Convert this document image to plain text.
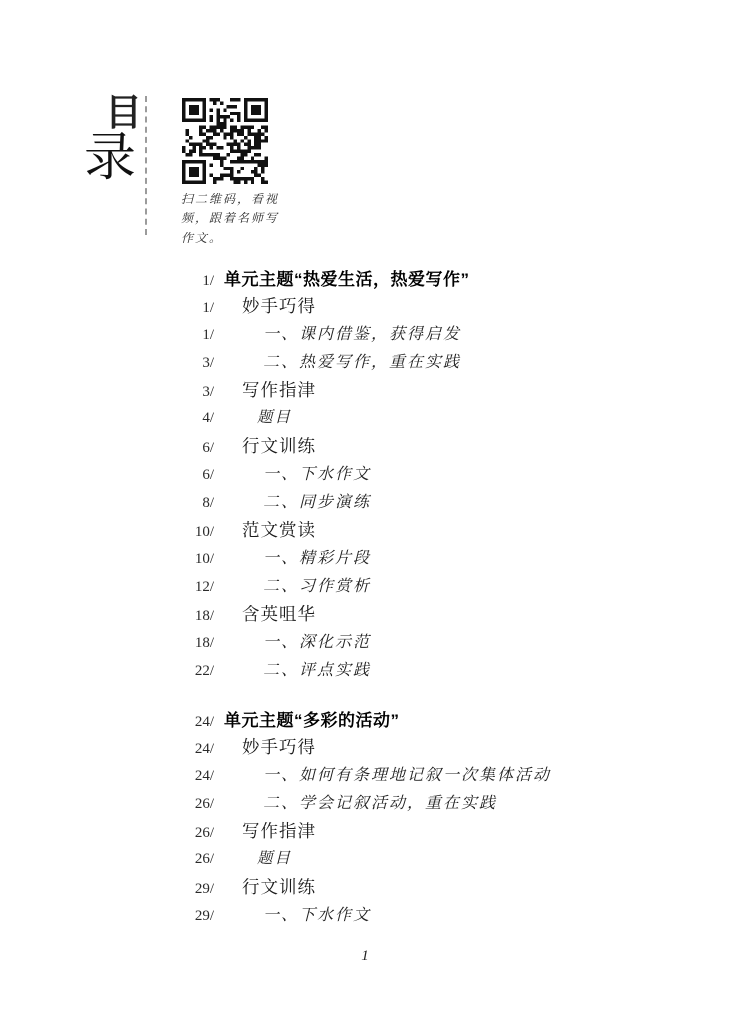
目
录
扫二维码，看视频，跟着名师写作文。
1/ 单元主题“热爱生活，热爱写作”
1/	妙手巧得
1/	一、课内借鉴，获得启发
3/	二、热爱写作，重在实践
3/	写作指津
4/	题目
6/	行文训练
6/	一、下水作文
8/	二、同步演练
10/	范文赏读
10/	一、精彩片段
12/	二、习作赏析
18/	含英咀华
18/	一、深化示范
22/	二、评点实践
24/ 单元主题“多彩的活动”
24/	妙手巧得
24/	一、如何有条理地记叙一次集体活动
26/	二、学会记叙活动，重在实践
26/	写作指津
26/	题目
29/	行文训练
29/	一、下水作文
1
